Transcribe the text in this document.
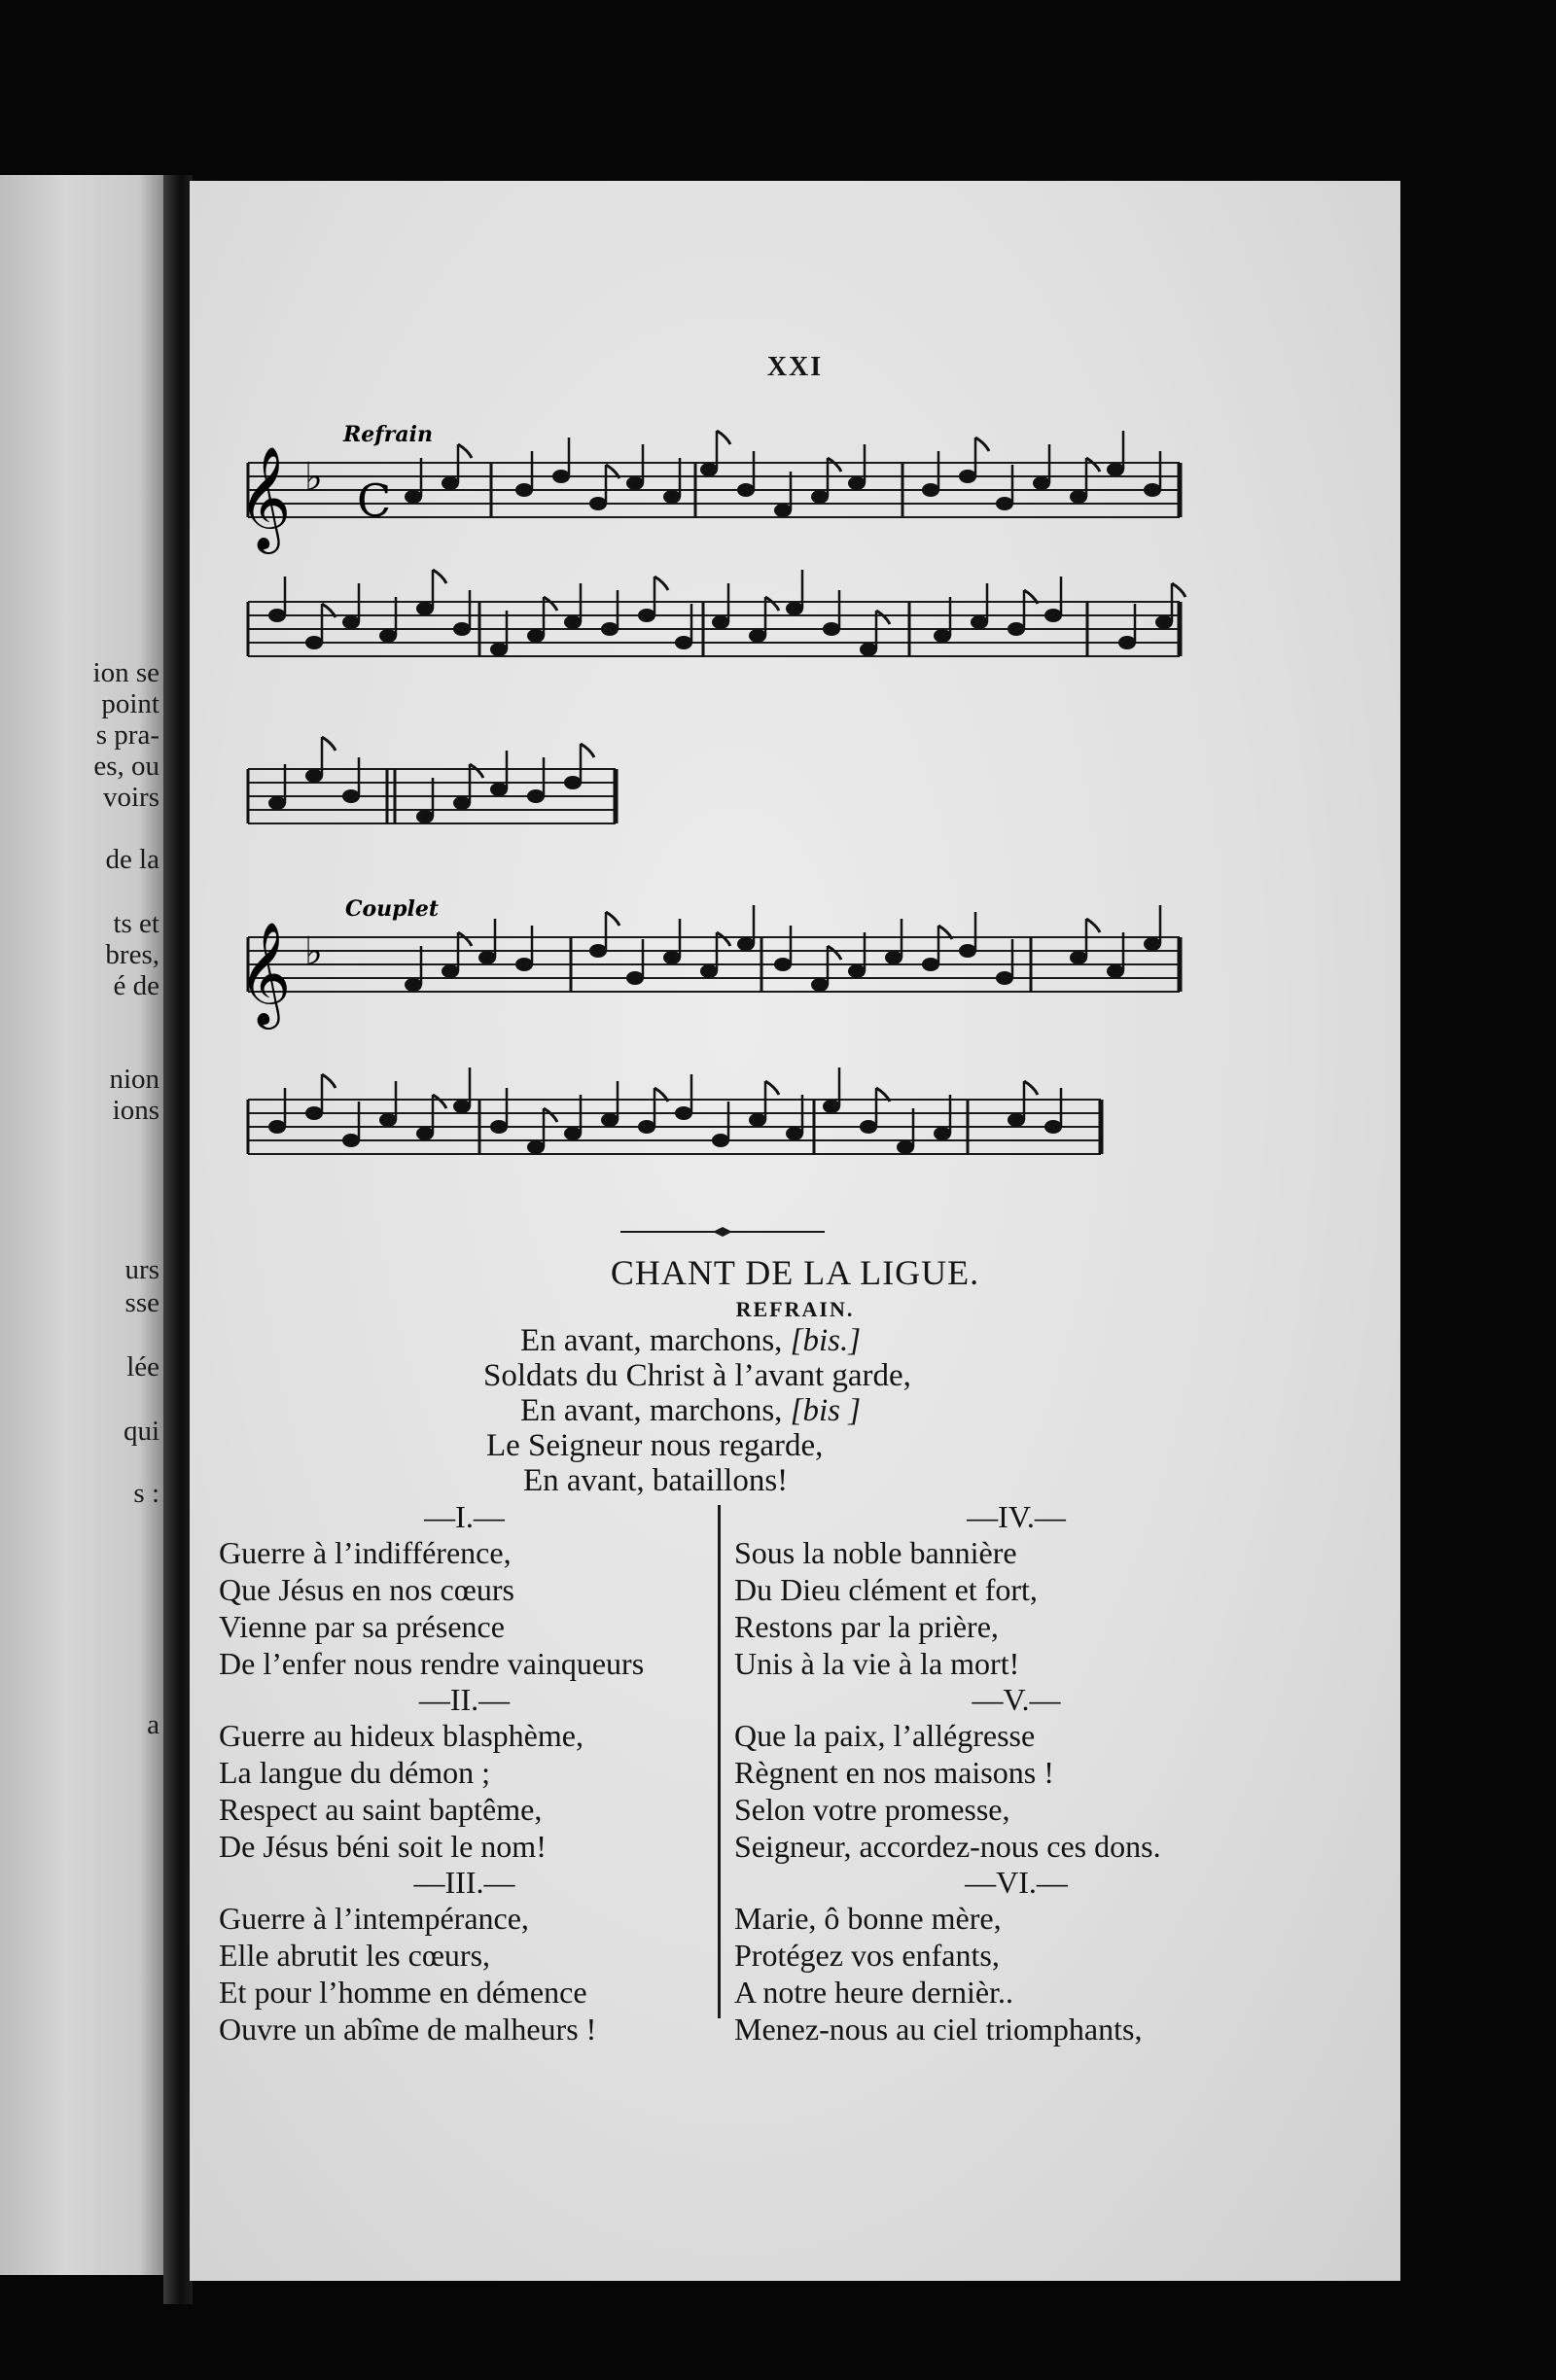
ion se
point
s pra-
es, ou
voirs
de la
ts et
bres,
é de
nion
ions
urs
sse
lée
qui
s :
a
XXI
Refrain
Couplet
𝄞
𝄞
♭
♭
C
CHANT DE LA LIGUE.
REFRAIN.
En avant, marchons, [bis.]
Soldats du Christ à l’avant garde,
En avant, marchons, [bis ]
Le Seigneur nous regarde,
En avant, bataillons!
—I.—
Guerre à l’indifférence,
Que Jésus en nos cœurs
Vienne par sa présence
De l’enfer nous rendre vainqueurs
—II.—
Guerre au hideux blasphème,
La langue du démon ;
Respect au saint baptême,
De Jésus béni soit le nom!
—III.—
Guerre à l’intempérance,
Elle abrutit les cœurs,
Et pour l’homme en démence
Ouvre un abîme de malheurs !
—IV.—
Sous la noble bannière
Du Dieu clément et fort,
Restons par la prière,
Unis à la vie à la mort!
—V.—
Que la paix, l’allégresse
Règnent en nos maisons !
Selon votre promesse,
Seigneur, accordez-nous ces dons.
—VI.—
Marie, ô bonne mère,
Protégez vos enfants,
A notre heure dernièr..
Menez-nous au ciel triomphants,
